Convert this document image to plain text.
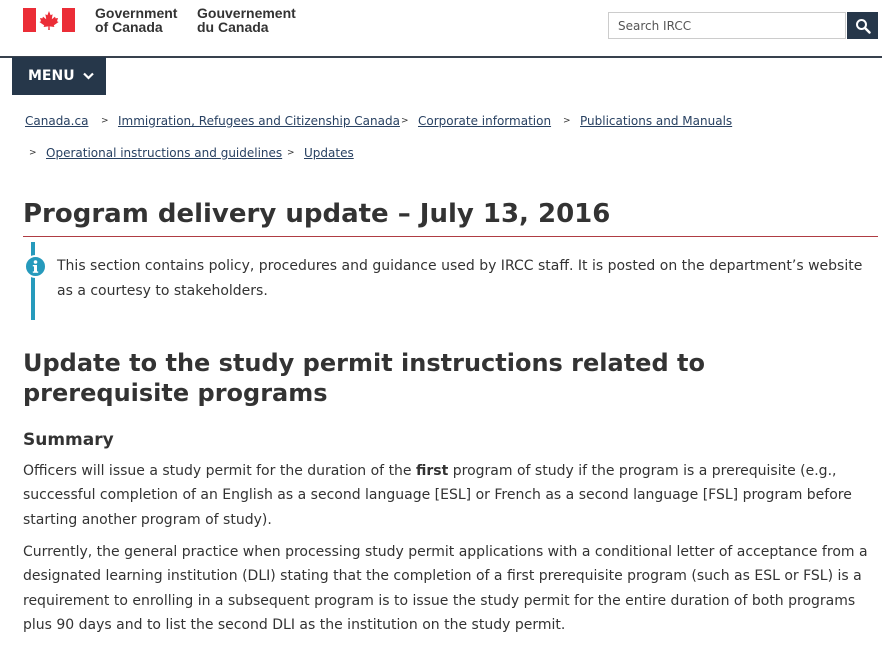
Government
of Canada
Gouvernement
du Canada
Search IRCC
MENU
Canada.ca > Immigration, Refugees and Citizenship Canada > Corporate information > Publications and Manuals
> Operational instructions and guidelines > Updates
Program delivery update – July 13, 2016

This section contains policy, procedures and guidance used by IRCC staff. It is posted on the department’s website as a courtesy to stakeholders.

Update to the study permit instructions related to prerequisite programs
Summary

Officers will issue a study permit for the duration of the first program of study if the program is a prerequisite (e.g., successful completion of an English as a second language [ESL] or French as a second language [FSL] program before starting another program of study).

Currently, the general practice when processing study permit applications with a conditional letter of acceptance from a designated learning institution (DLI) stating that the completion of a first prerequisite program (such as ESL or FSL) is a requirement to enrolling in a subsequent program is to issue the study permit for the entire duration of both programs plus 90 days and to list the second DLI as the institution on the study permit.
